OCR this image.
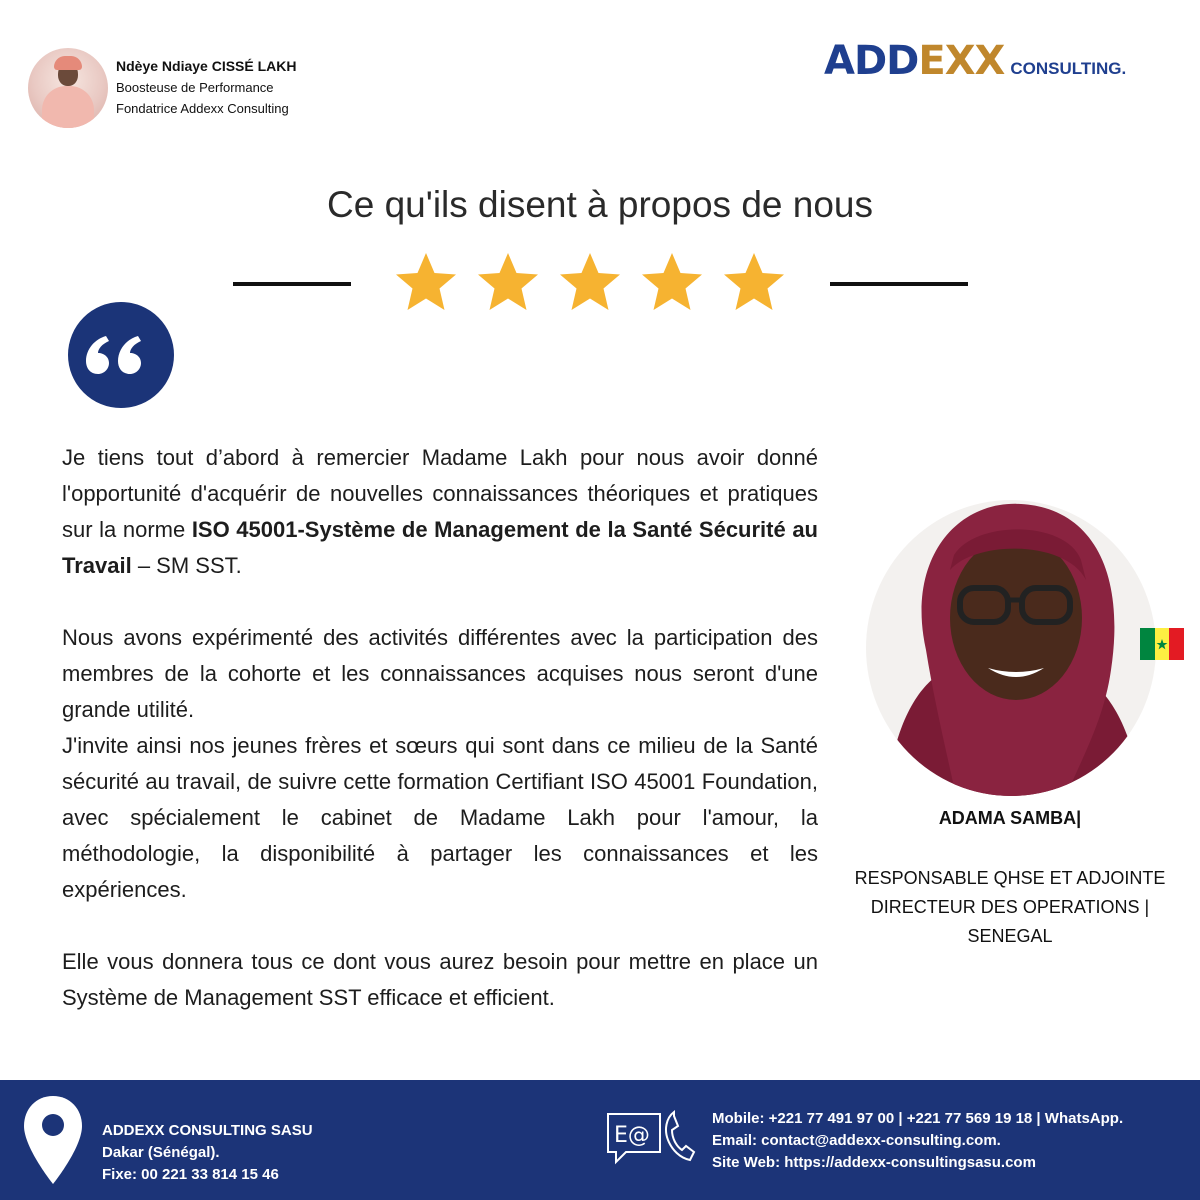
Ndèye Ndiaye CISSÉ LAKH
Boosteuse de Performance
Fondatrice Addexx Consulting
ADDEXX CONSULTING.
Ce qu'ils disent à propos de nous

Je tiens tout d’abord à remercier Madame Lakh pour nous avoir donné l'opportunité d'acquérir de nouvelles connaissances théoriques et pratiques sur la norme ISO 45001-Système de Management de la Santé Sécurité au Travail – SM SST.

Nous avons expérimenté des activités différentes avec la participation des membres de la cohorte et les connaissances acquises nous seront d'une grande utilité.

J'invite ainsi nos jeunes frères et sœurs qui sont dans ce milieu de la Santé sécurité au travail, de suivre cette formation Certifiant ISO 45001 Foundation, avec spécialement le cabinet de Madame Lakh pour l'amour, la méthodologie, la disponibilité à partager les connaissances et les expériences.

Elle vous donnera tous ce dont vous aurez besoin pour mettre en place un Système de Management SST efficace et efficient.

ADAMA SAMBA|
RESPONSABLE QHSE ET ADJOINTE
DIRECTEUR DES OPERATIONS |
SENEGAL
ADDEXX CONSULTING SASU
Dakar (Sénégal).
Fixe: 00 221 33 814 15 46
E@
Mobile: +221 77 491 97 00 | +221 77 569 19 18 | WhatsApp.
Email: contact@addexx-consulting.com.
Site Web: https://addexx-consultingsasu.com
